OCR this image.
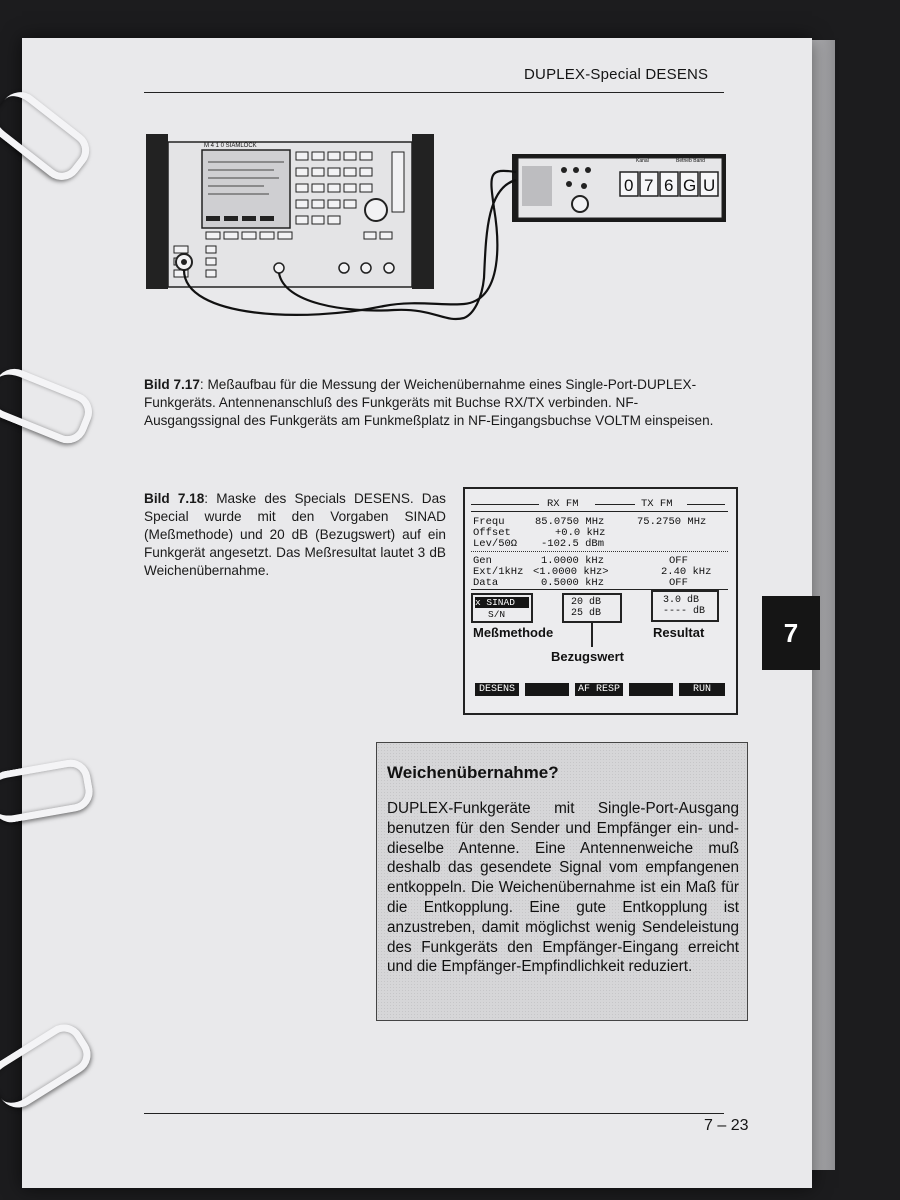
DUPLEX-Special DESENS
M 4 1 0 SIAMLOCK
Kanal	Betrieb Band
0 7 6 G U
Bild 7.17: Meßaufbau für die Messung der Weichenübernahme eines Single-Port-DUPLEX-Funkgeräts. Antennenanschluß des Funkgeräts mit Buchse RX/TX verbinden. NF-Ausgangssignal des Funkgeräts am Funkmeßplatz in NF-Eingangsbuchse VOLTM einspeisen.
Bild 7.18: Maske des Specials DESENS. Das Special wurde mit den Vorgaben SINAD (Meßmethode) und 20 dB (Bezugswert) auf ein Funkgerät angesetzt. Das Meßresultat lautet 3 dB Weichenübernahme.
RX FM	TX FM
Frequ	85.0750 MHz	75.2750 MHz
Offset	+0.0 kHz
Lev/50Ω -102.5 dBm
Gen	1.0000 kHz	OFF
Ext/1kHz <1.0000 kHz>	2.40 kHz
Data	0.5000 kHz	OFF
x SINAD
S/N
20 dB
25 dB
3.0 dB
---- dB
Meßmethode	Resultat
Bezugswert
DESENS	AF RESP	RUN
7
Weichenübernahme?
DUPLEX-Funkgeräte mit Single-Port-Ausgang benutzen für den Sender und Empfänger ein- und-dieselbe Antenne. Eine Antennenweiche muß deshalb das gesendete Signal vom empfangenen entkoppeln. Die Weichenübernahme ist ein Maß für die Entkopplung. Eine gute Entkopplung ist anzustreben, damit möglichst wenig Sendeleistung des Funkgeräts den Empfänger-Eingang erreicht und die Empfänger-Empfindlichkeit reduziert.
7 – 23
